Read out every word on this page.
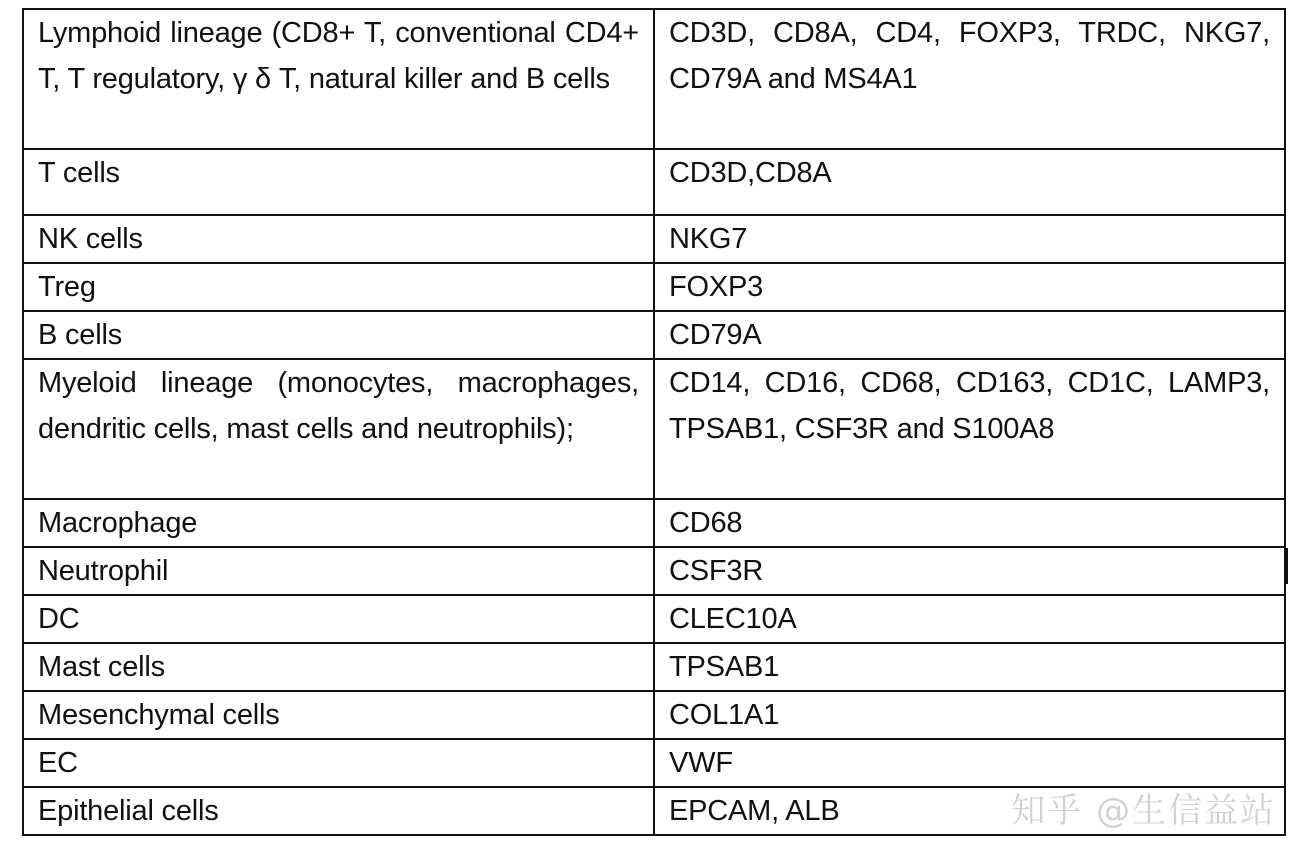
Lymphoid lineage (CD8+ T, conventional CD4+ T, T regulatory, γ δ T, natural killer and B cells	CD3D, CD8A, CD4, FOXP3, TRDC, NKG7, CD79A and MS4A1
T cells	CD3D,CD8A
NK cells	NKG7
Treg	FOXP3
B cells	CD79A
Myeloid lineage (monocytes, macrophages, dendritic cells, mast cells and neutrophils);	CD14, CD16, CD68, CD163, CD1C, LAMP3, TPSAB1, CSF3R and S100A8
Macrophage	CD68
Neutrophil	CSF3R
DC	CLEC10A
Mast cells	TPSAB1
Mesenchymal cells	COL1A1
EC	VWF
Epithelial cells	EPCAM, ALB	知乎 @生信益站
